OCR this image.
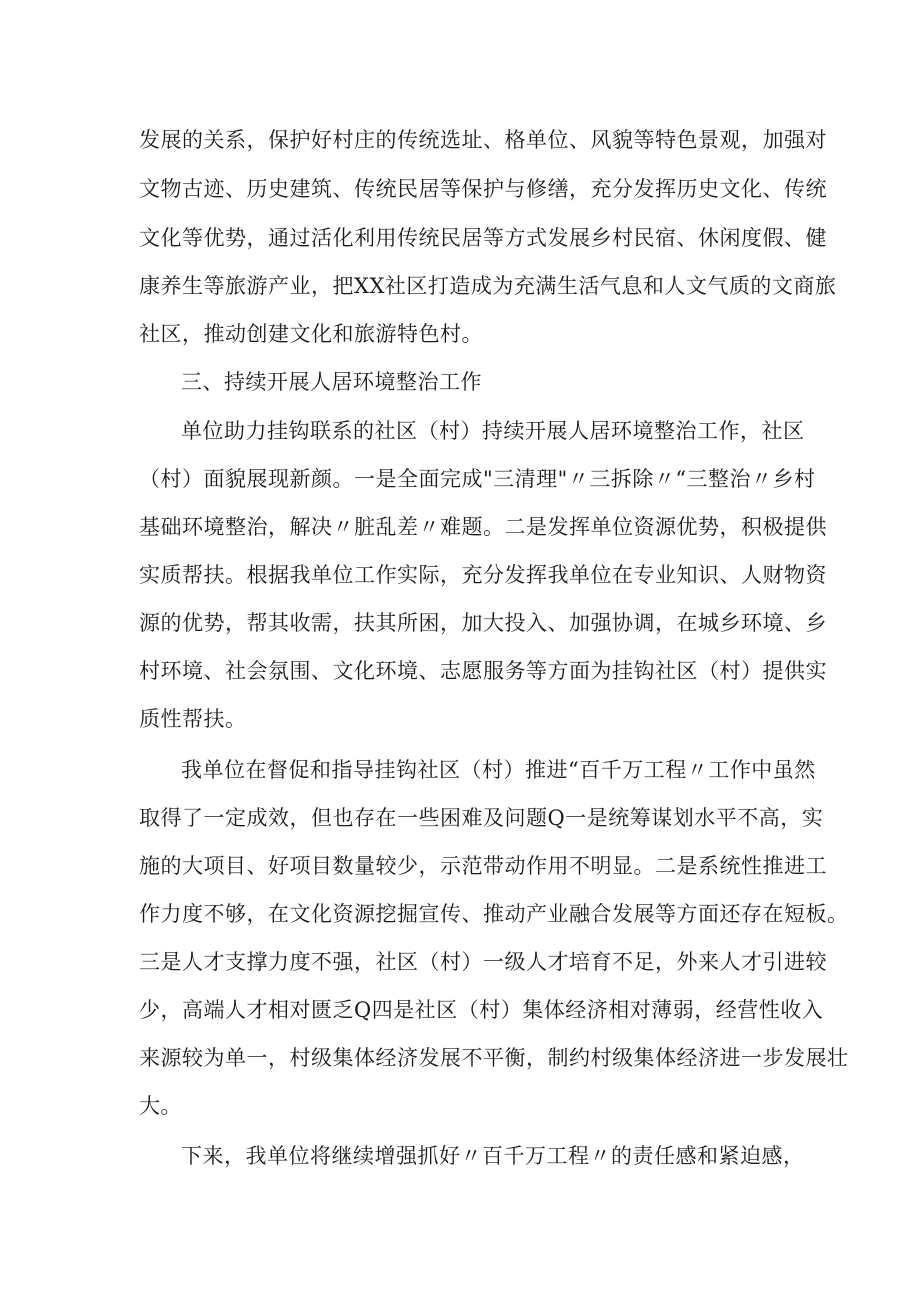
发展的关系，保护好村庄的传统选址、格单位、风貌等特色景观，加强对
文物古迹、历史建筑、传统民居等保护与修缮，充分发挥历史文化、传统
文化等优势，通过活化利用传统民居等方式发展乡村民宿、休闲度假、健
康养生等旅游产业，把XX社区打造成为充满生活气息和人文气质的文商旅
社区，推动创建文化和旅游特色村。
三、持续开展人居环境整治工作
单位助力挂钩联系的社区（村）持续开展人居环境整治工作，社区
（村）面貌展现新颜。一是全面完成"三清理"〃三拆除〃“三整治〃乡村
基础环境整治，解决〃脏乱差〃难题。二是发挥单位资源优势，积极提供
实质帮扶。根据我单位工作实际，充分发挥我单位在专业知识、人财物资
源的优势，帮其收需，扶其所困，加大投入、加强协调，在城乡环境、乡
村环境、社会氛围、文化环境、志愿服务等方面为挂钩社区（村）提供实
质性帮扶。
我单位在督促和指导挂钩社区（村）推进“百千万工程〃工作中虽然
取得了一定成效，但也存在一些困难及问题Q一是统筹谋划水平不高，实
施的大项目、好项目数量较少，示范带动作用不明显。二是系统性推进工
作力度不够，在文化资源挖掘宣传、推动产业融合发展等方面还存在短板。
三是人才支撑力度不强，社区（村）一级人才培育不足，外来人才引进较
少，高端人才相对匮乏Q四是社区（村）集体经济相对薄弱，经营性收入
来源较为单一，村级集体经济发展不平衡，制约村级集体经济进一步发展壮
大。
下来，我单位将继续增强抓好〃百千万工程〃的责任感和紧迫感，
